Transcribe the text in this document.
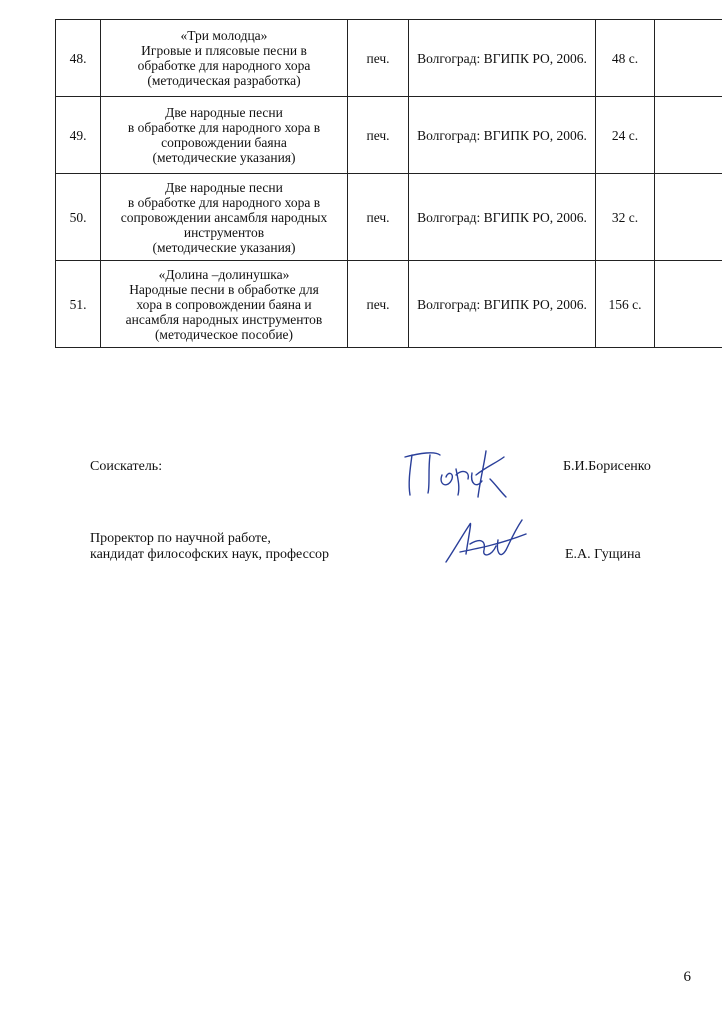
48.	«Три молодца»
Игровые и плясовые песни в
обработке для народного хора
(методическая разработка)	печ.	Волгоград: ВГИПК РО, 2006.	48 с.	
49.	Две народные песни
в обработке для народного хора в
сопровождении баяна
(методические указания)	печ.	Волгоград: ВГИПК РО, 2006.	24 с.	
50.	Две народные песни
в обработке для народного хора в
сопровождении ансамбля народных
инструментов
(методические указания)	печ.	Волгоград: ВГИПК РО, 2006.	32 с.	
51.	«Долина –долинушка»
Народные песни в обработке для
хора в сопровождении баяна и
ансамбля народных инструментов
(методическое пособие)	печ.	Волгоград: ВГИПК РО, 2006.	156 с.	
Соискатель:	Б.И.Борисенко
Проректор по научной работе,
кандидат философских наук, профессор	Е.А. Гущина
6
